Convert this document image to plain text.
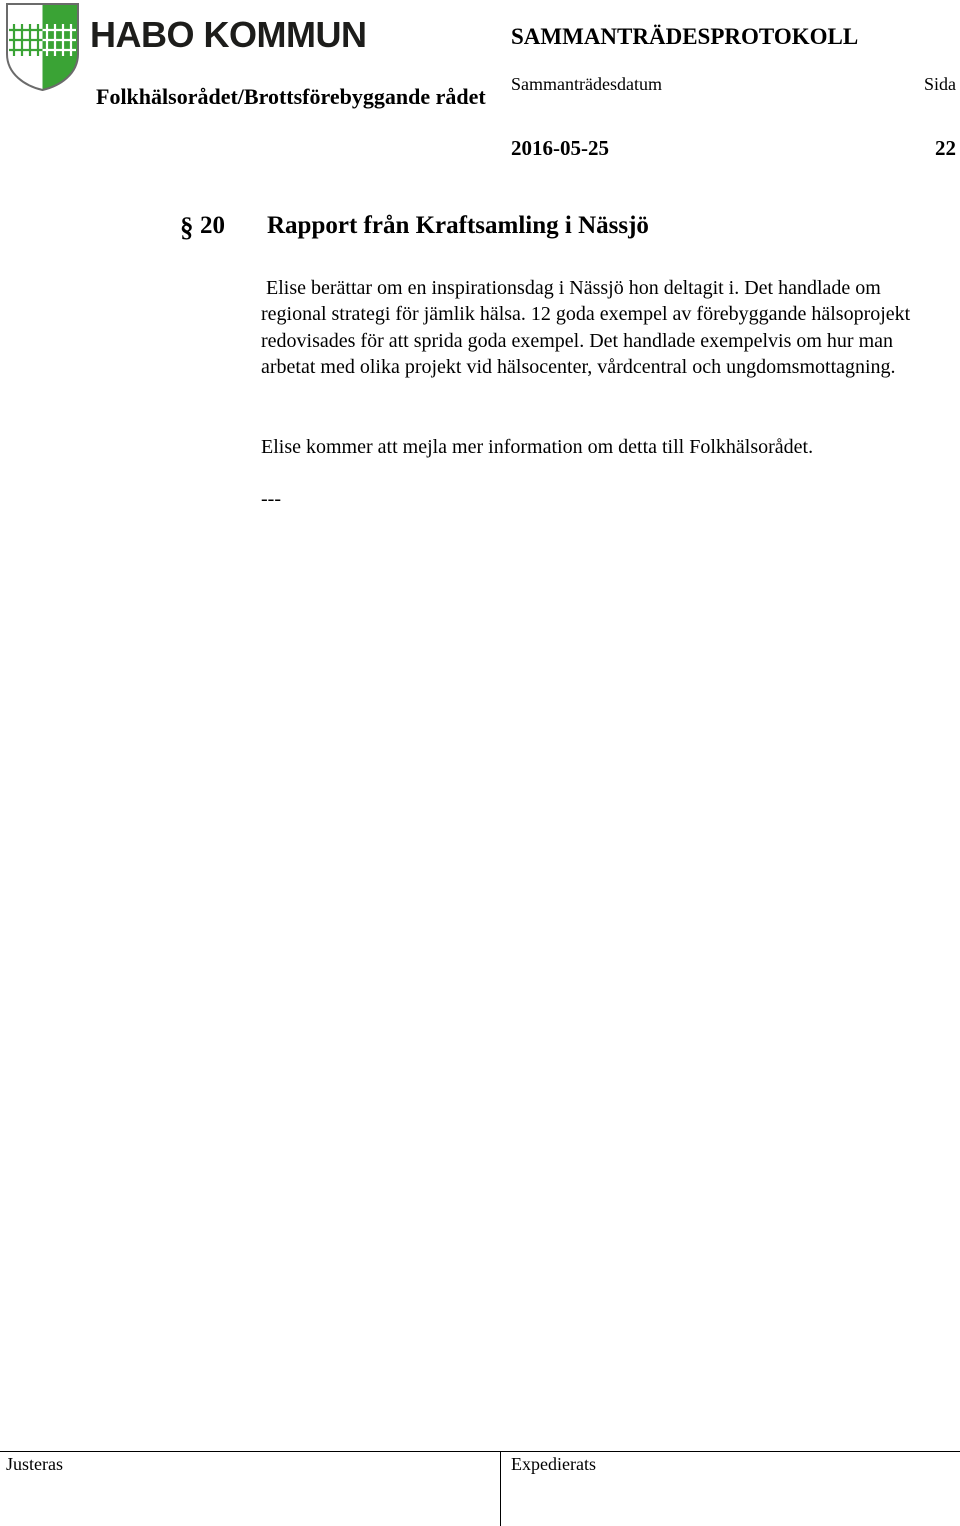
HABO KOMMUN	SAMMANTRÄDESPROTOKOLL
Folkhälsorådet/Brottsförebyggande rådet	Sammanträdesdatum	Sida
2016-05-25	22
§ 20 Rapport från Kraftsamling i Nässjö
Elise berättar om en inspirationsdag i Nässjö hon deltagit i. Det handlade om regional strategi för jämlik hälsa. 12 goda exempel av förebyggande hälsoprojekt redovisades för att sprida goda exempel. Det handlade exempelvis om hur man arbetat med olika projekt vid hälsocenter, vårdcentral och ungdomsmottagning.
Elise kommer att mejla mer information om detta till Folkhälsorådet.
---
Justeras	Expedierats
